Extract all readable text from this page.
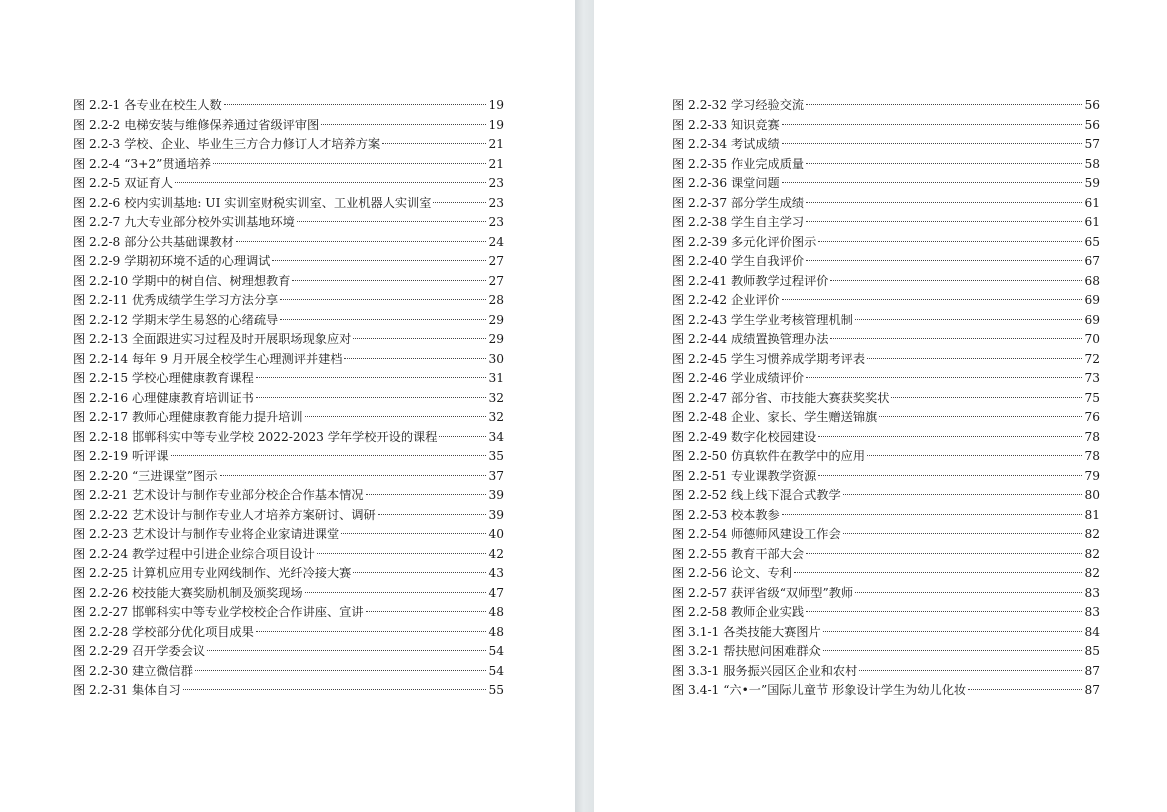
图 2.2-1 各专业在校生人数	19
图 2.2-2 电梯安装与维修保养通过省级评审图	19
图 2.2-3 学校、企业、毕业生三方合力修订人才培养方案	21
图 2.2-4 “3+2”贯通培养	21
图 2.2-5 双证育人	23
图 2.2-6 校内实训基地: UI 实训室财税实训室、工业机器人实训室	23
图 2.2-7 九大专业部分校外实训基地环境	23
图 2.2-8 部分公共基础课教材	24
图 2.2-9 学期初环境不适的心理调试	27
图 2.2-10 学期中的树自信、树理想教育	27
图 2.2-11 优秀成绩学生学习方法分享	28
图 2.2-12 学期末学生易怒的心绪疏导	29
图 2.2-13 全面跟进实习过程及时开展职场现象应对	29
图 2.2-14 每年 9 月开展全校学生心理测评并建档	30
图 2.2-15 学校心理健康教育课程	31
图 2.2-16 心理健康教育培训证书	32
图 2.2-17 教师心理健康教育能力提升培训	32
图 2.2-18 邯郸科实中等专业学校 2022-2023 学年学校开设的课程	34
图 2.2-19 听评课	35
图 2.2-20 “三进课堂”图示	37
图 2.2-21 艺术设计与制作专业部分校企合作基本情况	39
图 2.2-22 艺术设计与制作专业人才培养方案研讨、调研	39
图 2.2-23 艺术设计与制作专业将企业家请进课堂	40
图 2.2-24 教学过程中引进企业综合项目设计	42
图 2.2-25 计算机应用专业网线制作、光纤冷接大赛	43
图 2.2-26 校技能大赛奖励机制及颁奖现场	47
图 2.2-27 邯郸科实中等专业学校校企合作讲座、宣讲	48
图 2.2-28 学校部分优化项目成果	48
图 2.2-29 召开学委会议	54
图 2.2-30 建立微信群	54
图 2.2-31 集体自习	55
图 2.2-32 学习经验交流	56
图 2.2-33 知识竞赛	56
图 2.2-34 考试成绩	57
图 2.2-35 作业完成质量	58
图 2.2-36 课堂问题	59
图 2.2-37 部分学生成绩	61
图 2.2-38 学生自主学习	61
图 2.2-39 多元化评价图示	65
图 2.2-40 学生自我评价	67
图 2.2-41 教师教学过程评价	68
图 2.2-42 企业评价	69
图 2.2-43 学生学业考核管理机制	69
图 2.2-44 成绩置换管理办法	70
图 2.2-45 学生习惯养成学期考评表	72
图 2.2-46 学业成绩评价	73
图 2.2-47 部分省、市技能大赛获奖奖状	75
图 2.2-48 企业、家长、学生赠送锦旗	76
图 2.2-49 数字化校园建设	78
图 2.2-50 仿真软件在教学中的应用	78
图 2.2-51 专业课教学资源	79
图 2.2-52 线上线下混合式教学	80
图 2.2-53 校本教参	81
图 2.2-54 师德师风建设工作会	82
图 2.2-55 教育干部大会	82
图 2.2-56 论文、专利	82
图 2.2-57 获评省级“双师型”教师	83
图 2.2-58 教师企业实践	83
图 3.1-1 各类技能大赛图片	84
图 3.2-1 帮扶慰问困难群众	85
图 3.3-1 服务振兴园区企业和农村	87
图 3.4-1 “六•一”国际儿童节 形象设计学生为幼儿化妆	87
